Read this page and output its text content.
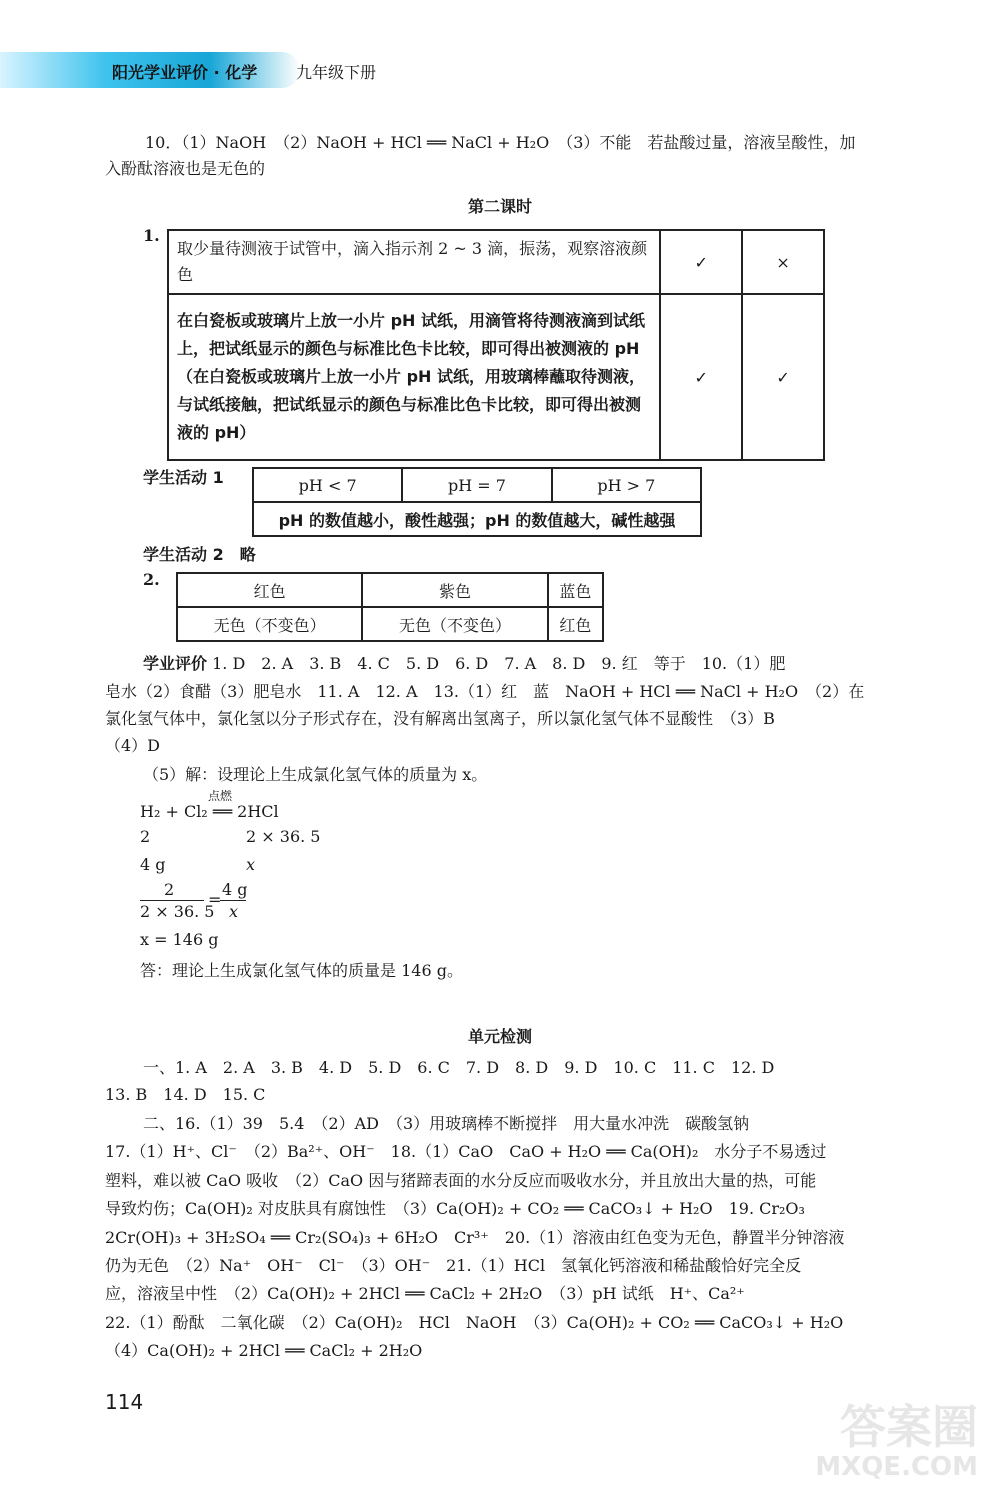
阳光学业评价 · 化学 九年级下册
10．（1）NaOH　（2）NaOH + HCl ══ NaCl + H₂O　（3）不能　若盐酸过量，溶液呈酸性，加
入酚酞溶液也是无色的
第二课时
1.
取少量待测液于试管中，滴入指示剂 2 ~ 3 滴，振荡，观察溶液颜色	✓	×

在白瓷板或玻璃片上放一小片 pH 试纸，用滴管将待测液滴到试纸上，把试纸显示的颜色与标准比色卡比较，即可得出被测液的 pH
（在白瓷板或玻璃片上放一小片 pH 试纸，用玻璃棒蘸取待测液，与试纸接触，把试纸显示的颜色与标准比色卡比较，即可得出被测液的 pH）	✓	✓
学生活动 1	pH < 7	pH = 7	pH > 7
pH 的数值越小，酸性越强；pH 的数值越大，碱性越强
学生活动 2　略
2.
红色	紫色	蓝色
无色（不变色）	无色（不变色）	红色
学业评价 1. D　2. A　3. B　4. C　5. D　6. D　7. A　8. D　9. 红　等于　10.（1）肥
皂水（2）食醋（3）肥皂水　11. A　12. A　13.（1）红　蓝　NaOH + HCl ══ NaCl + H₂O　（2）在
氯化氢气体中，氯化氢以分子形式存在，没有解离出氢离子，所以氯化氢气体不显酸性　（3）B
（4）D
（5）解：设理论上生成氯化氢气体的质量为 x。
点燃
H₂ + Cl₂ ══ 2HCl
2	2 × 36. 5
4 g	x
2
2 × 36. 5
=
4 g
x
x = 146 g
答：理论上生成氯化氢气体的质量是 146 g。
单元检测
一、1. A　2. A　3. B　4. D　5. D　6. C　7. D　8. D　9. D　10. C　11. C　12. D
13. B　14. D　15. C
二、16.（1）39　5.4　（2）AD　（3）用玻璃棒不断搅拌　用大量水冲洗　碳酸氢钠
17.（1）H⁺、Cl⁻　（2）Ba²⁺、OH⁻　18.（1）CaO　CaO + H₂O ══ Ca(OH)₂　水分子不易透过
塑料，难以被 CaO 吸收　（2）CaO 因与猪蹄表面的水分反应而吸收水分，并且放出大量的热，可能
导致灼伤；Ca(OH)₂ 对皮肤具有腐蚀性　（3）Ca(OH)₂ + CO₂ ══ CaCO₃↓ + H₂O　19. Cr₂O₃
2Cr(OH)₃ + 3H₂SO₄ ══ Cr₂(SO₄)₃ + 6H₂O　Cr³⁺　20.（1）溶液由红色变为无色，静置半分钟溶液
仍为无色　（2）Na⁺　OH⁻　Cl⁻　（3）OH⁻　21.（1）HCl　氢氧化钙溶液和稀盐酸恰好完全反
应，溶液呈中性　（2）Ca(OH)₂ + 2HCl ══ CaCl₂ + 2H₂O　（3）pH 试纸　H⁺、Ca²⁺
22.（1）酚酞　二氧化碳　（2）Ca(OH)₂　HCl　NaOH　（3）Ca(OH)₂ + CO₂ ══ CaCO₃↓ + H₂O
（4）Ca(OH)₂ + 2HCl ══ CaCl₂ + 2H₂O
114	答案圈
MXQE.COM
